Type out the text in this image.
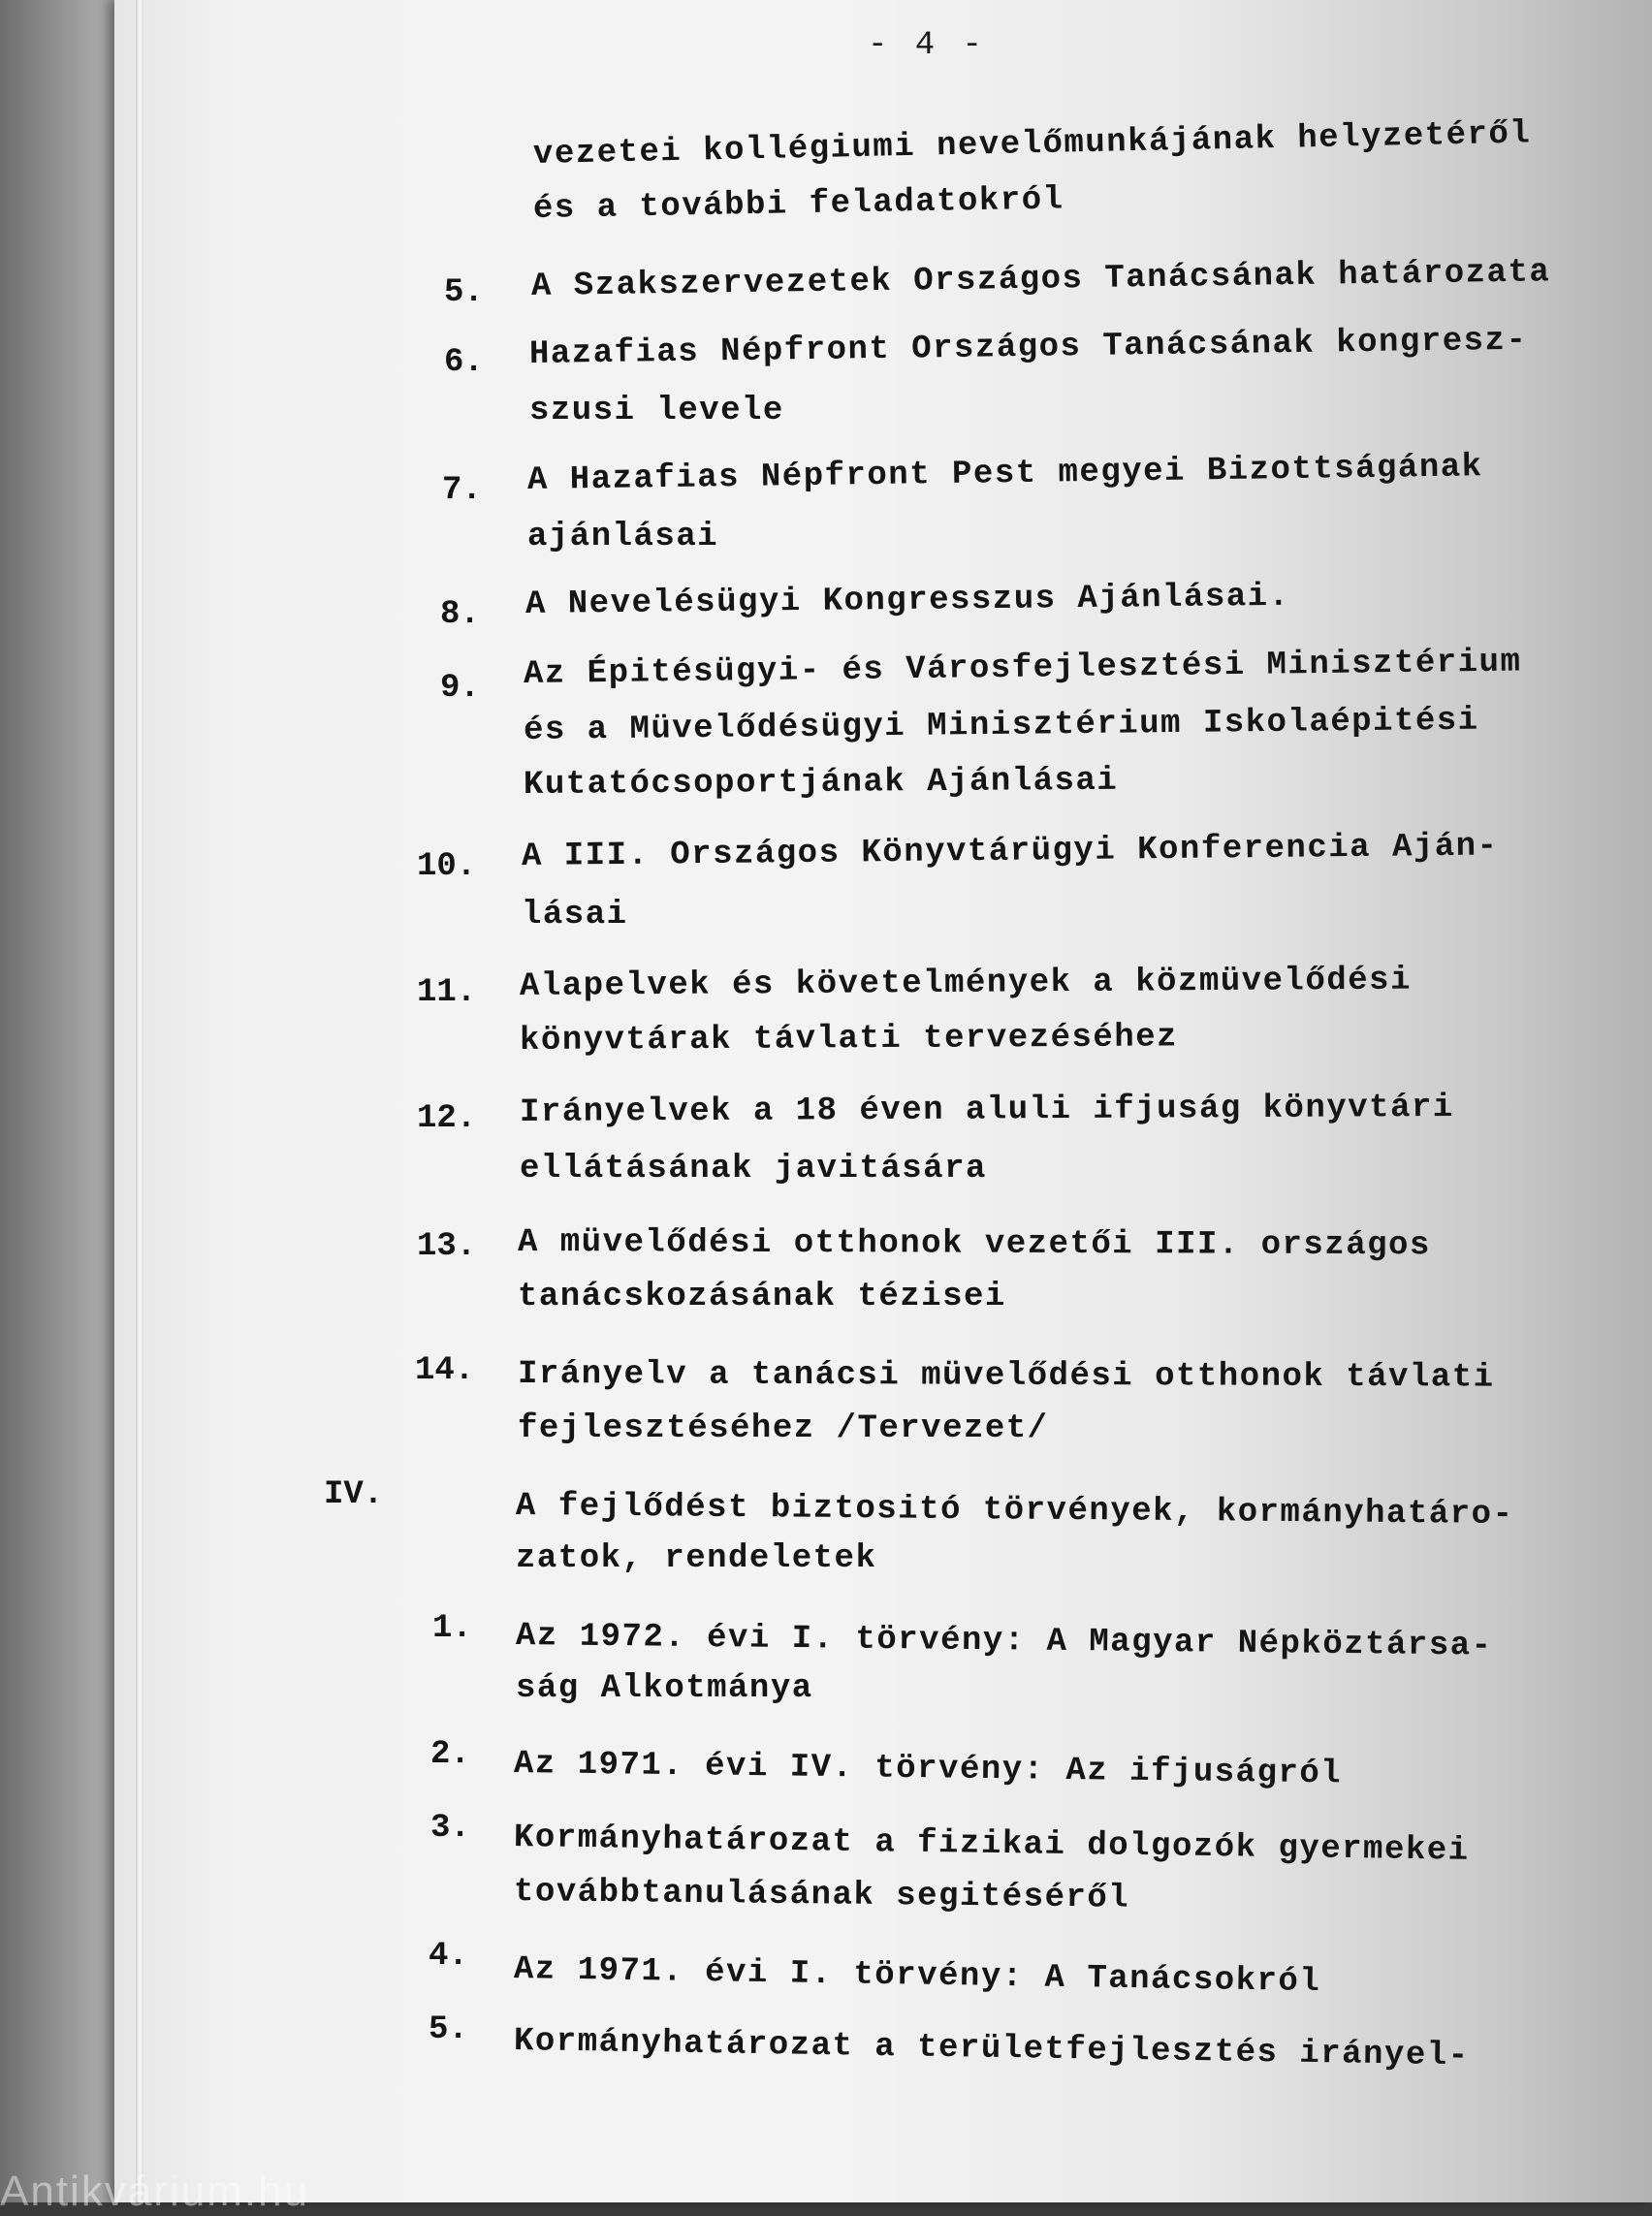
- 4 -
vezetei kollégiumi nevelőmunkájának helyzetéről
és a további feladatokról
5. A Szakszervezetek Országos Tanácsának határozata
6. Hazafias Népfront Országos Tanácsának kongresz-
szusi levele
7. A Hazafias Népfront Pest megyei Bizottságának
ajánlásai
8. A Nevelésügyi Kongresszus Ajánlásai.
9. Az Épitésügyi- és Városfejlesztési Minisztérium
és a Müvelődésügyi Minisztérium Iskolaépitési
Kutatócsoportjának Ajánlásai
10. A III. Országos Könyvtárügyi Konferencia Aján-
lásai
11. Alapelvek és követelmények a közmüvelődési
könyvtárak távlati tervezéséhez
12. Irányelvek a 18 éven aluli ifjuság könyvtári
ellátásának javitására
13. A müvelődési otthonok vezetői III. országos
tanácskozásának tézisei
14. Irányelv a tanácsi müvelődési otthonok távlati
fejlesztéséhez /Tervezet/
IV.	A fejlődést biztositó törvények, kormányhatáro-
zatok, rendeletek
1. Az 1972. évi I. törvény: A Magyar Népköztársa-
ság Alkotmánya
2. Az 1971. évi IV. törvény: Az ifjuságról
3. Kormányhatározat a fizikai dolgozók gyermekei
továbbtanulásának segitéséről
4. Az 1971. évi I. törvény: A Tanácsokról
5. Kormányhatározat a területfejlesztés irányel-
Antikvárium.hu
